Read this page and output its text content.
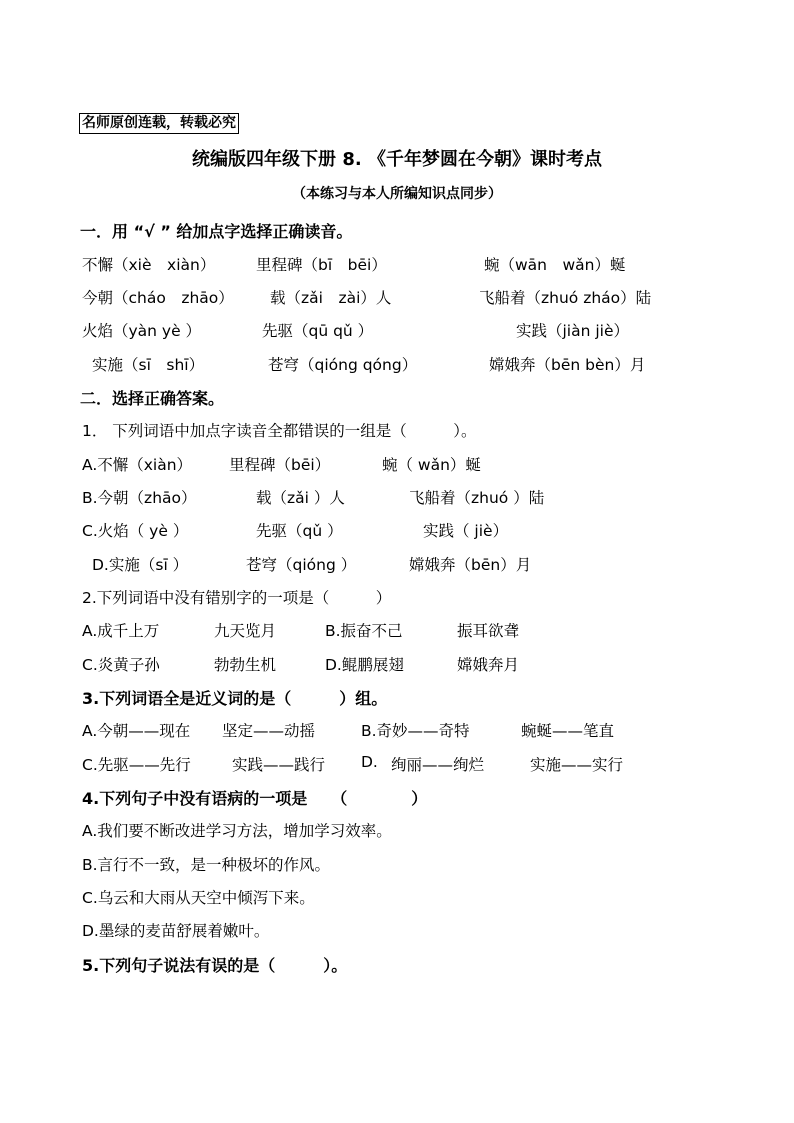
名师原创连载，转载必究
统编版四年级下册 8. 《千年梦圆在今朝》课时考点
（本练习与本人所编知识点同步）
一．用 “√ ” 给加点字选择正确读音。
不懈（xiè　xiàn）	里程碑（bī　bēi）	蜿（wān　wǎn）蜒
今朝（cháo　zhāo） 载（zǎi　zài）人	飞船着（zhuó zháo）陆
火焰（yàn yè ）	先驱（qū qǔ ）	实践（jiàn jiè）
实施（sī　shī）	苍穹（qióng qóng）	嫦娥奔（bēn bèn）月
二．选择正确答案。
1． 下列词语中加点字读音全都错误的一组是（　　　）。
A.不懈（xiàn） 里程碑（bēi）	蜿（ wǎn）蜒
B.今朝（zhāo）	载（zǎi ）人	飞船着（zhuó ）陆
C.火焰（ yè ）	先驱（qǔ ）	实践（ jiè）
D.实施（sī ）	苍穹（qióng ）	嫦娥奔（bēn）月
2.下列词语中没有错别字的一项是（　　　）
A.成千上万	九天览月	B.振奋不己	振耳欲聋
C.炎黄子孙	勃勃生机	D.鲲鹏展翅	嫦娥奔月
3.下列词语全是近义词的是（　　　）组。
A.今朝——现在 坚定——动摇	B.奇妙——奇特	蜿蜒——笔直
C.先驱——先行	实践——践行 D. 绚丽——绚烂	实施——实行
4.下列句子中没有语病的一项是　　（　　　　）
A.我们要不断改进学习方法，增加学习效率。
B.言行不一致，是一种极坏的作风。
C.乌云和大雨从天空中倾泻下来。
D.墨绿的麦苗舒展着嫩叶。
5.下列句子说法有误的是（　　　）。
